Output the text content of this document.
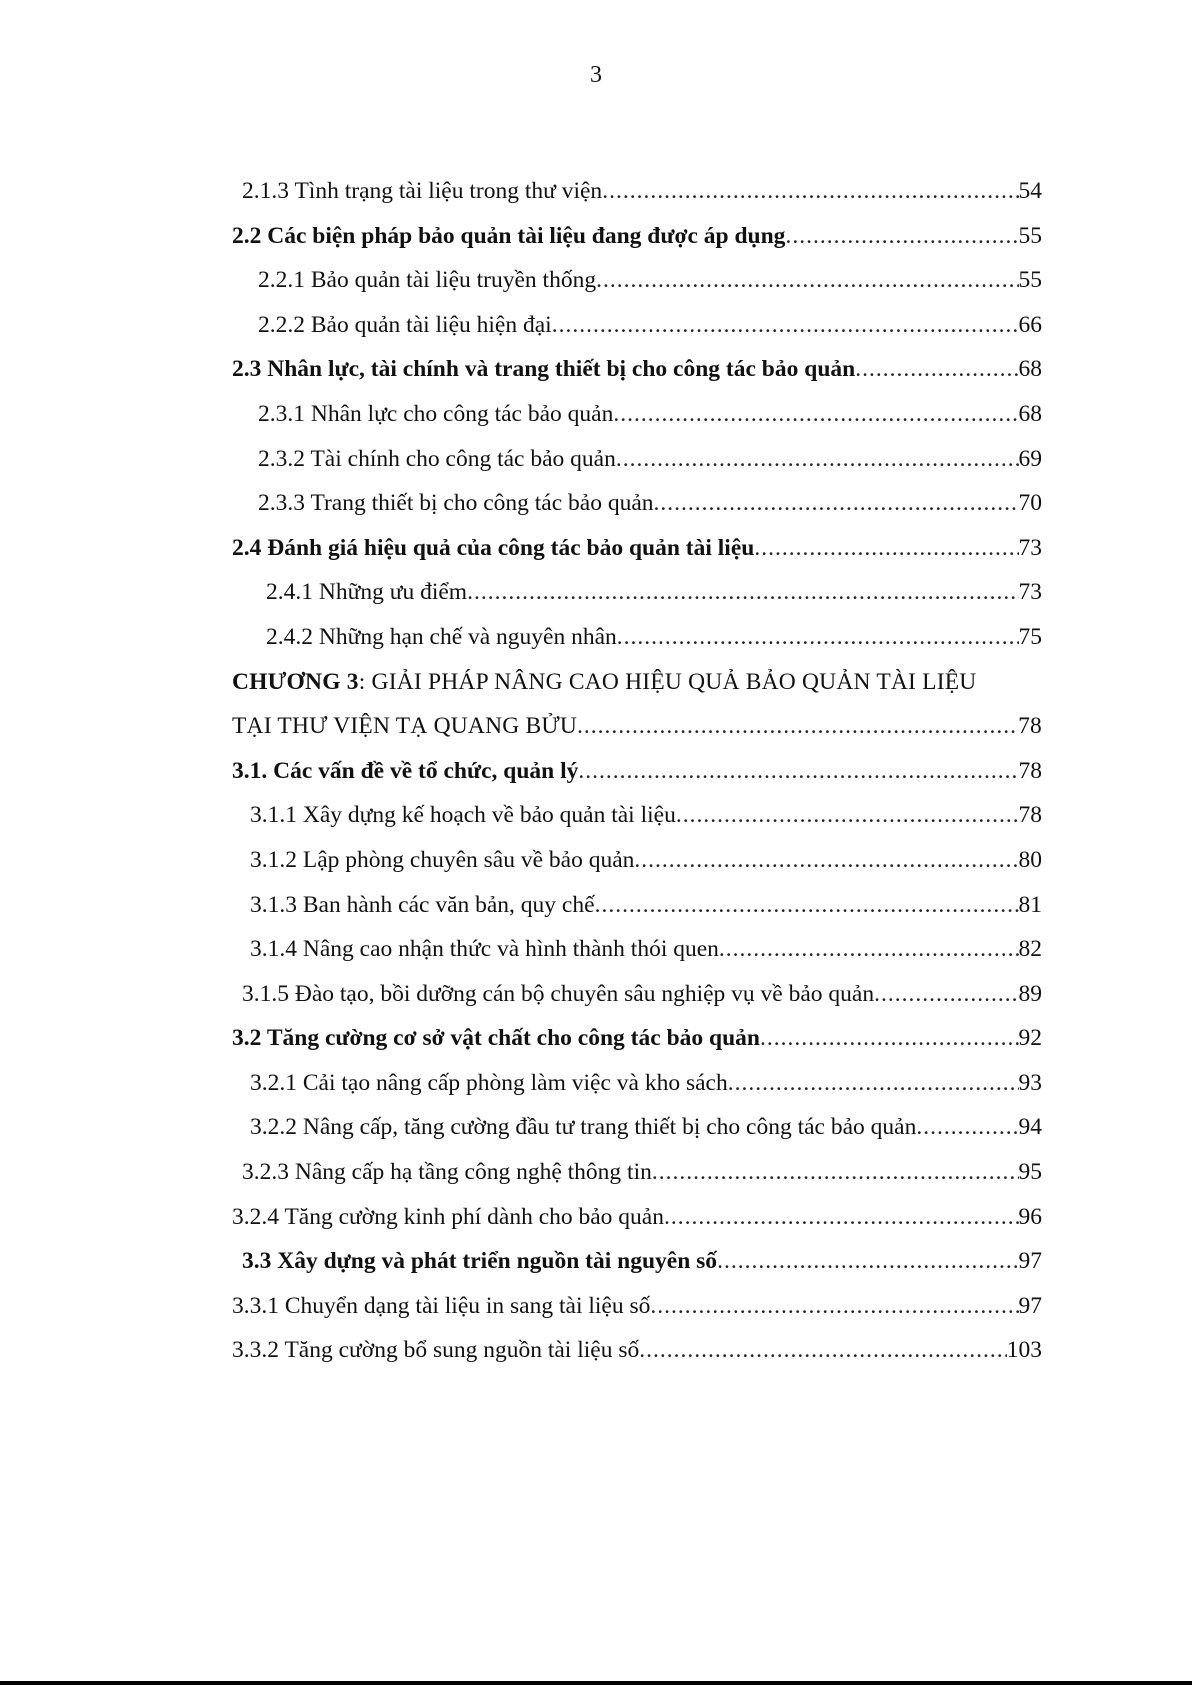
3
2.1.3 Tình trạng tài liệu trong thư viện .....	54
2.2 Các biện pháp bảo quản tài liệu đang được áp dụng .....	55
2.2.1 Bảo quản tài liệu truyền thống .....	55
2.2.2 Bảo quản tài liệu hiện đại .....	66
2.3 Nhân lực, tài chính và trang thiết bị cho công tác bảo quản .....	68
2.3.1 Nhân lực cho công tác bảo quản .....	68
2.3.2 Tài chính cho công tác bảo quản .....	69
2.3.3 Trang thiết bị cho công tác bảo quản .....	70
2.4 Đánh giá hiệu quả của công tác bảo quản tài liệu .....	73
2.4.1 Những ưu điểm .....	73
2.4.2 Những hạn chế và nguyên nhân .....	75
CHƯƠNG 3: GIẢI PHÁP NÂNG CAO HIỆU QUẢ BẢO QUẢN TÀI LIỆU
TẠI THƯ VIỆN TẠ QUANG BỬU .....	78
3.1. Các vấn đề về tổ chức, quản lý .....	78
3.1.1 Xây dựng kế hoạch về bảo quản tài liệu .....	78
3.1.2 Lập phòng chuyên sâu về bảo quản .....	80
3.1.3 Ban hành các văn bản, quy chế .....	81
3.1.4 Nâng cao nhận thức và hình thành thói quen .....	82
3.1.5 Đào tạo, bồi dưỡng cán bộ chuyên sâu nghiệp vụ về bảo quản .....	89
3.2 Tăng cường cơ sở vật chất cho công tác bảo quản .....	92
3.2.1 Cải tạo nâng cấp phòng làm việc và kho sách .....	93
3.2.2 Nâng cấp, tăng cường đầu tư trang thiết bị cho công tác bảo quản .....	94
3.2.3 Nâng cấp hạ tầng công nghệ thông tin .....	95
3.2.4 Tăng cường kinh phí dành cho bảo quản .....	96
3.3 Xây dựng và phát triển nguồn tài nguyên số .....	97
3.3.1 Chuyển dạng tài liệu in sang tài liệu số .....	97
3.3.2 Tăng cường bổ sung nguồn tài liệu số .....	103
